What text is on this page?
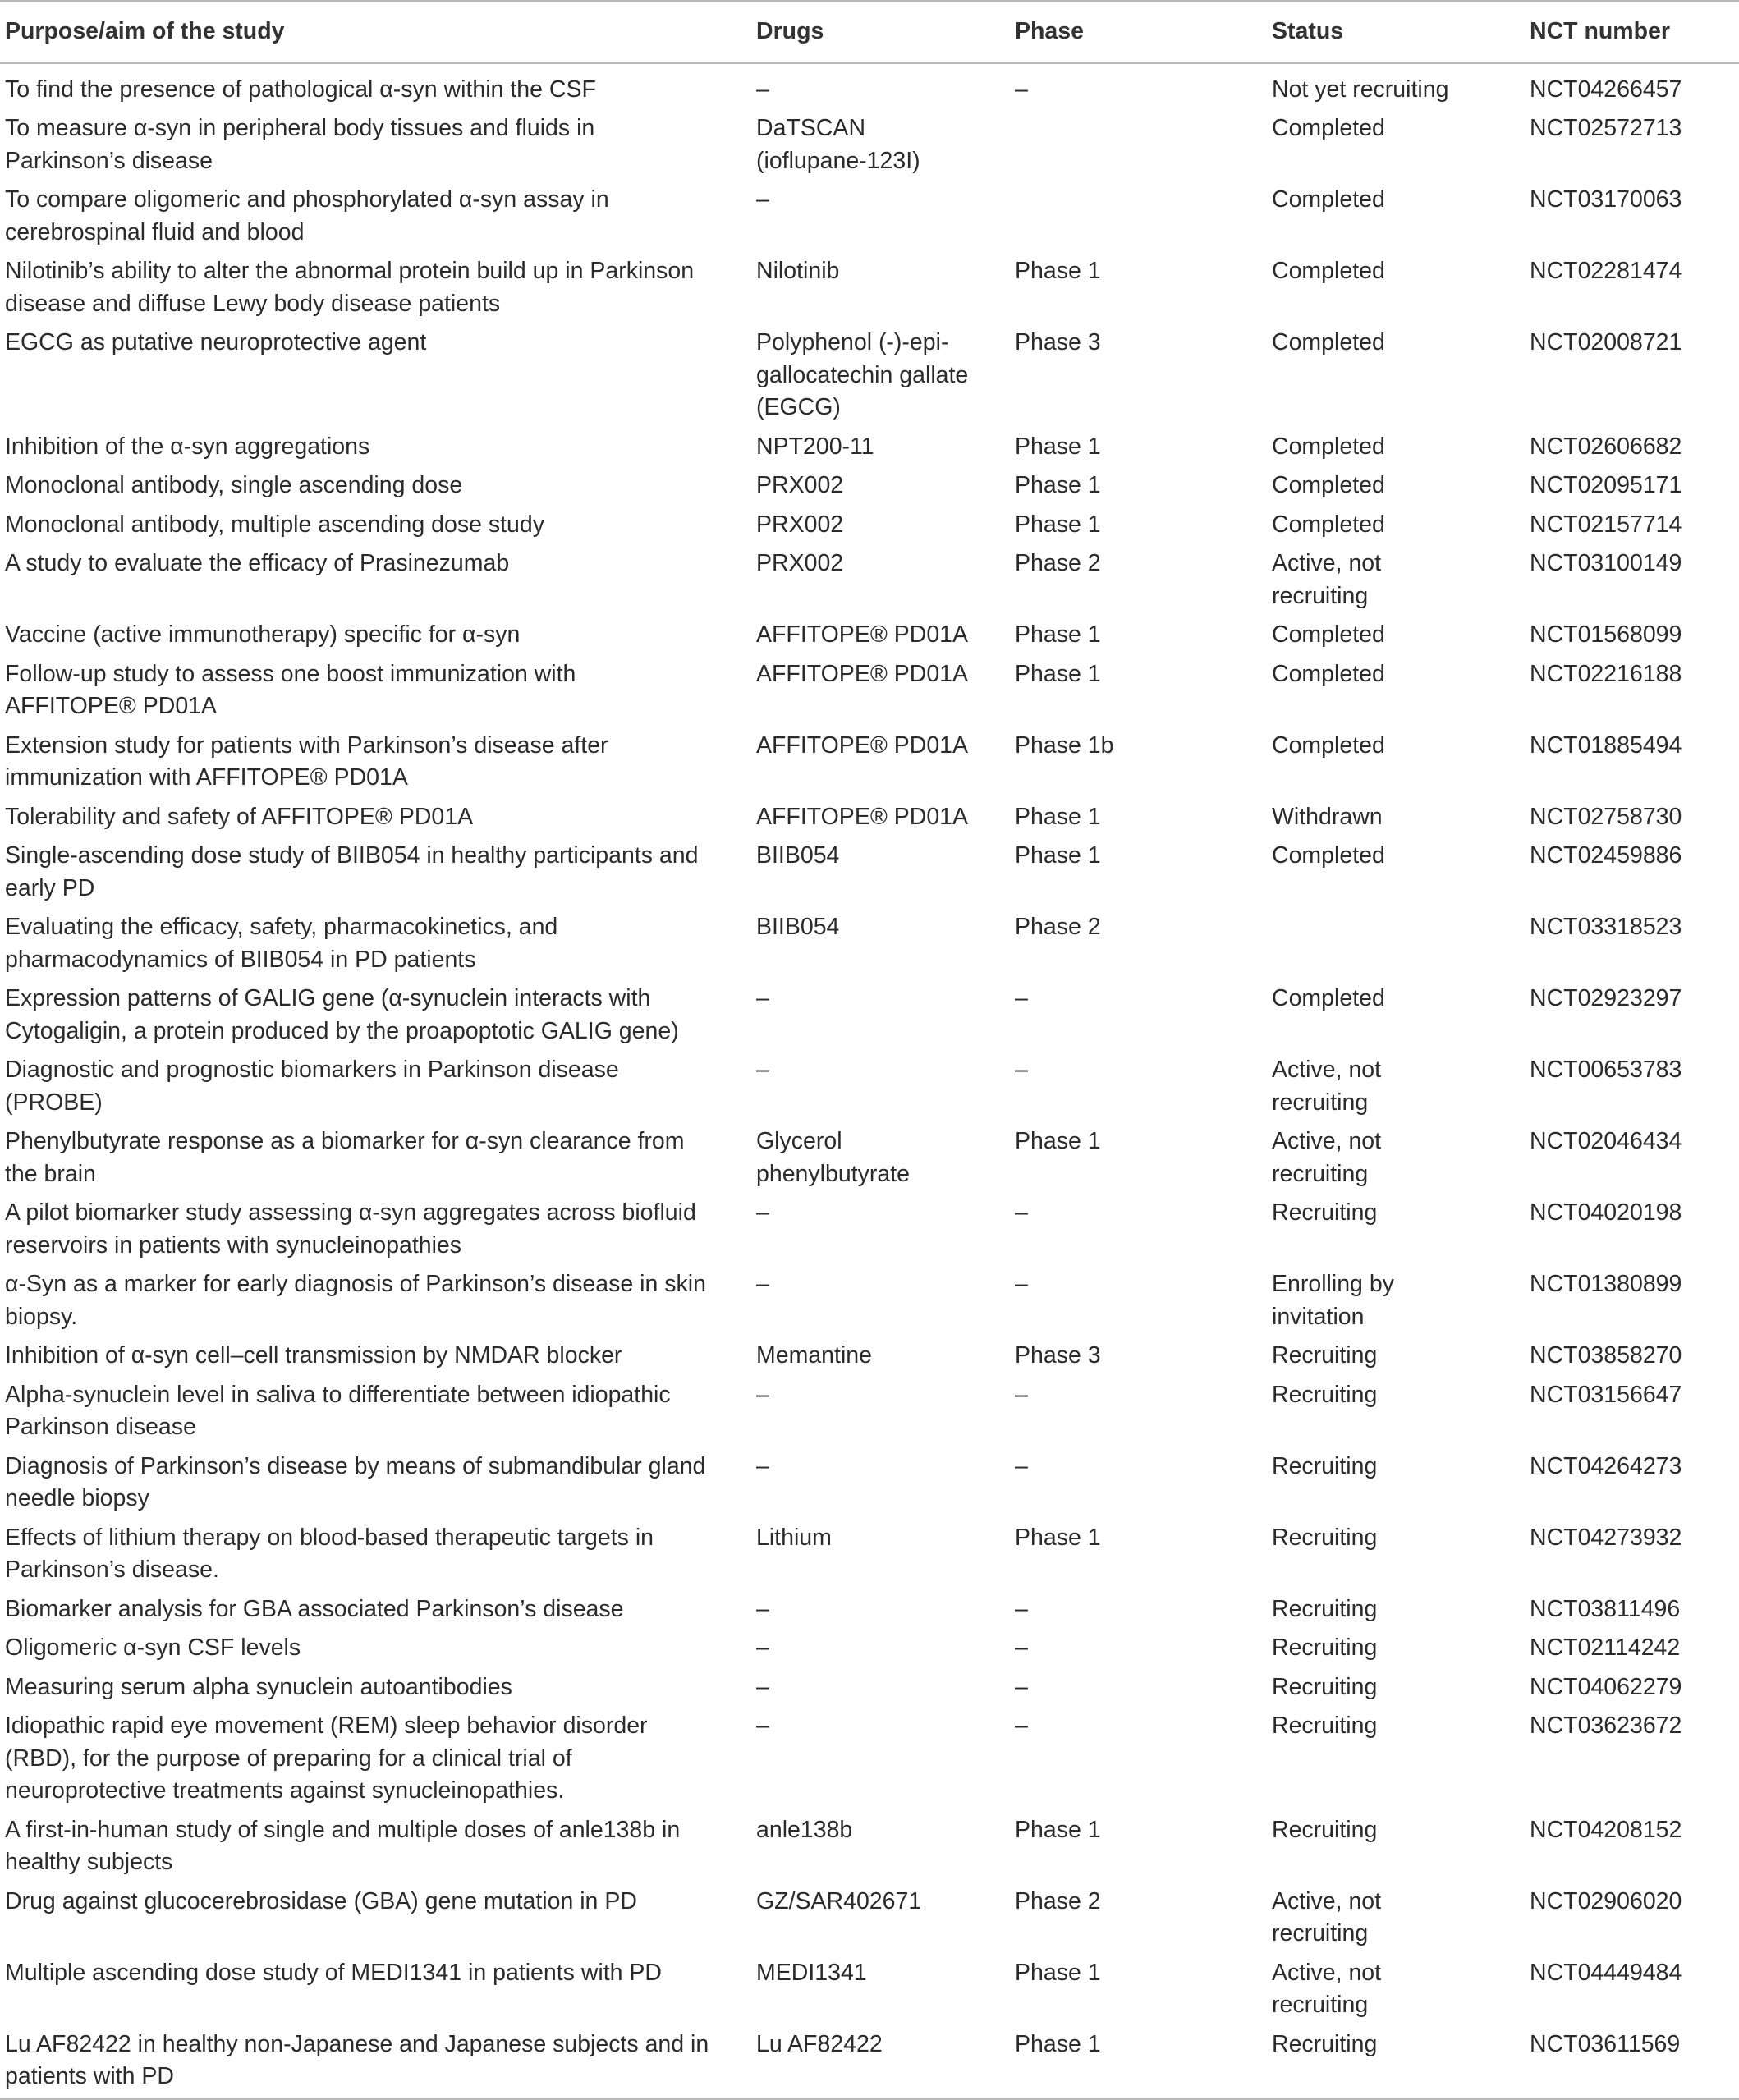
Purpose/aim of the study	Drugs	Phase	Status	NCT number
To find the presence of pathological α-syn within the CSF	–	–	Not yet recruiting	NCT04266457
To measure α-syn in peripheral body tissues and fluids in Parkinson’s disease	DaTSCAN (ioflupane-123I)		Completed	NCT02572713
To compare oligomeric and phosphorylated α-syn assay in cerebrospinal fluid and blood	–		Completed	NCT03170063
Nilotinib’s ability to alter the abnormal protein build up in Parkinson disease and diffuse Lewy body disease patients	Nilotinib	Phase 1	Completed	NCT02281474
EGCG as putative neuroprotective agent	Polyphenol (-)-epi-gallocatechin gallate (EGCG)	Phase 3	Completed	NCT02008721
Inhibition of the α-syn aggregations	NPT200-11	Phase 1	Completed	NCT02606682
Monoclonal antibody, single ascending dose	PRX002	Phase 1	Completed	NCT02095171
Monoclonal antibody, multiple ascending dose study	PRX002	Phase 1	Completed	NCT02157714
A study to evaluate the efficacy of Prasinezumab	PRX002	Phase 2	Active, not recruiting	NCT03100149
Vaccine (active immunotherapy) specific for α-syn	AFFITOPE® PD01A	Phase 1	Completed	NCT01568099
Follow-up study to assess one boost immunization with AFFITOPE® PD01A	AFFITOPE® PD01A	Phase 1	Completed	NCT02216188
Extension study for patients with Parkinson’s disease after immunization with AFFITOPE® PD01A	AFFITOPE® PD01A	Phase 1b	Completed	NCT01885494
Tolerability and safety of AFFITOPE® PD01A	AFFITOPE® PD01A	Phase 1	Withdrawn	NCT02758730
Single-ascending dose study of BIIB054 in healthy participants and early PD	BIIB054	Phase 1	Completed	NCT02459886
Evaluating the efficacy, safety, pharmacokinetics, and pharmacodynamics of BIIB054 in PD patients	BIIB054	Phase 2		NCT03318523
Expression patterns of GALIG gene (α-synuclein interacts with Cytogaligin, a protein produced by the proapoptotic GALIG gene)	–	–	Completed	NCT02923297
Diagnostic and prognostic biomarkers in Parkinson disease (PROBE)	–	–	Active, not recruiting	NCT00653783
Phenylbutyrate response as a biomarker for α-syn clearance from the brain	Glycerol phenylbutyrate	Phase 1	Active, not recruiting	NCT02046434
A pilot biomarker study assessing α-syn aggregates across biofluid reservoirs in patients with synucleinopathies	–	–	Recruiting	NCT04020198
α-Syn as a marker for early diagnosis of Parkinson’s disease in skin biopsy.	–	–	Enrolling by invitation	NCT01380899
Inhibition of α-syn cell–cell transmission by NMDAR blocker	Memantine	Phase 3	Recruiting	NCT03858270
Alpha-synuclein level in saliva to differentiate between idiopathic Parkinson disease	–	–	Recruiting	NCT03156647
Diagnosis of Parkinson’s disease by means of submandibular gland needle biopsy	–	–	Recruiting	NCT04264273
Effects of lithium therapy on blood-based therapeutic targets in Parkinson’s disease.	Lithium	Phase 1	Recruiting	NCT04273932
Biomarker analysis for GBA associated Parkinson’s disease	–	–	Recruiting	NCT03811496
Oligomeric α-syn CSF levels	–	–	Recruiting	NCT02114242
Measuring serum alpha synuclein autoantibodies	–	–	Recruiting	NCT04062279
Idiopathic rapid eye movement (REM) sleep behavior disorder (RBD), for the purpose of preparing for a clinical trial of neuroprotective treatments against synucleinopathies.	–	–	Recruiting	NCT03623672
A first-in-human study of single and multiple doses of anle138b in healthy subjects	anle138b	Phase 1	Recruiting	NCT04208152
Drug against glucocerebrosidase (GBA) gene mutation in PD	GZ/SAR402671	Phase 2	Active, not recruiting	NCT02906020
Multiple ascending dose study of MEDI1341 in patients with PD	MEDI1341	Phase 1	Active, not recruiting	NCT04449484
Lu AF82422 in healthy non-Japanese and Japanese subjects and in patients with PD	Lu AF82422	Phase 1	Recruiting	NCT03611569
